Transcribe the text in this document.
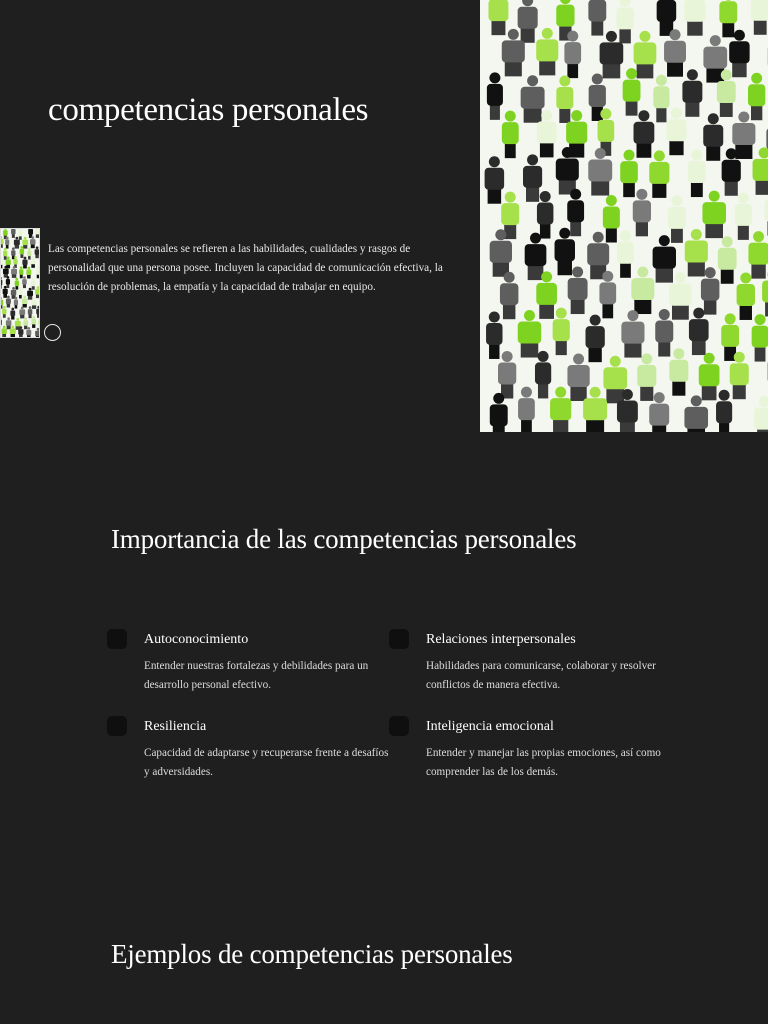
competencias personales

Las competencias personales se refieren a las habilidades, cualidades y rasgos de personalidad que una persona posee. Incluyen la capacidad de comunicación efectiva, la resolución de problemas, la empatía y la capacidad de trabajar en equipo.

Importancia de las competencias personales
Autoconocimiento

Entender nuestras fortalezas y debilidades para un desarrollo personal efectivo.

Relaciones interpersonales

Habilidades para comunicarse, colaborar y resolver conflictos de manera efectiva.

Resiliencia

Capacidad de adaptarse y recuperarse frente a desafíos y adversidades.

Inteligencia emocional

Entender y manejar las propias emociones, así como comprender las de los demás.

Ejemplos de competencias personales
